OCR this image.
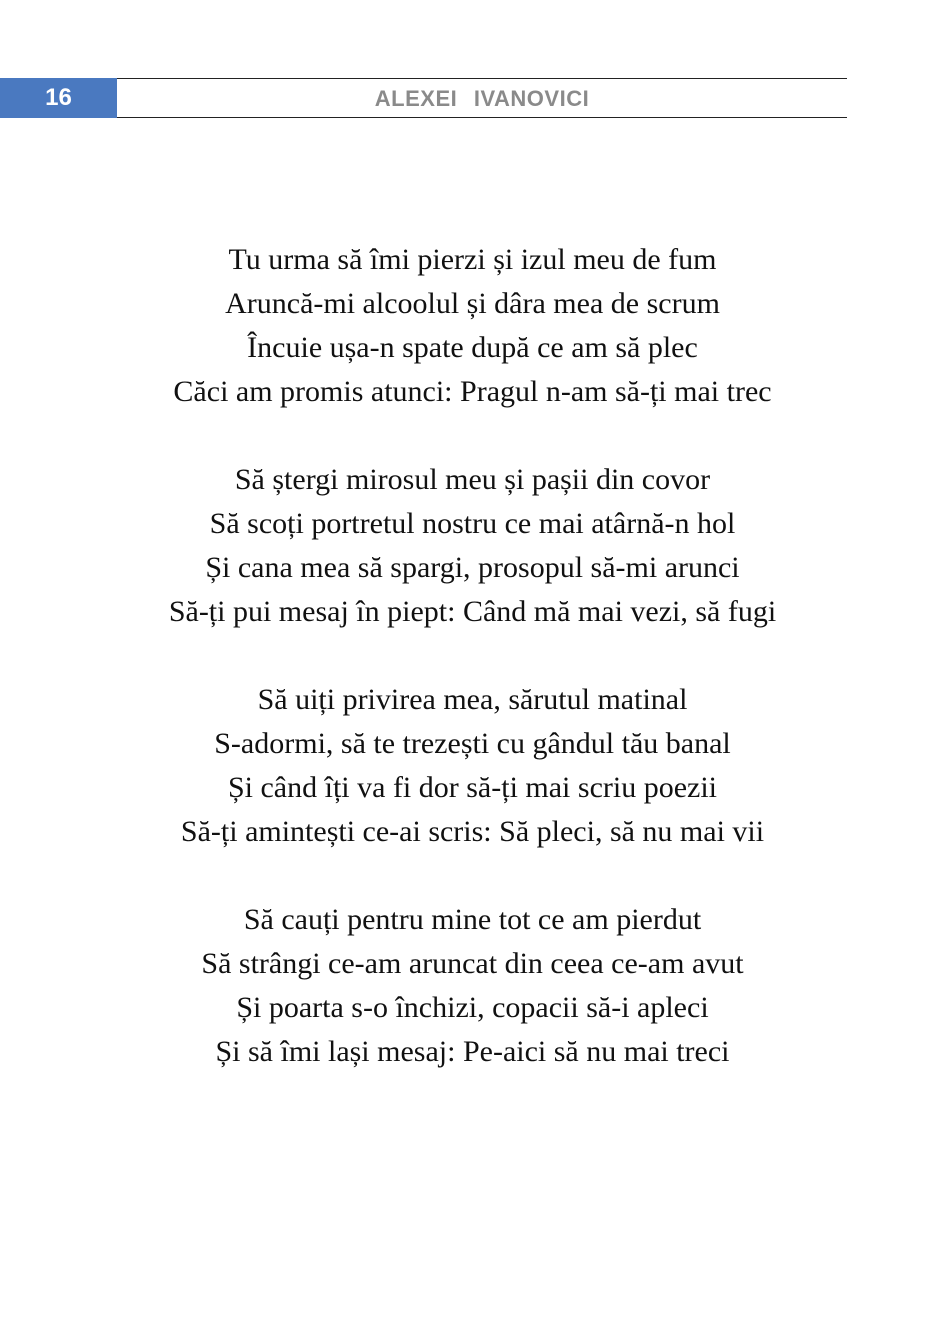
16	ALEXEI IVANOVICI
Tu urma să îmi pierzi și izul meu de fum
Aruncă-mi alcoolul și dâra mea de scrum
Încuie ușa-n spate după ce am să plec
Căci am promis atunci: Pragul n-am să-ți mai trec
Să ștergi mirosul meu și pașii din covor
Să scoți portretul nostru ce mai atârnă-n hol
Și cana mea să spargi, prosopul să-mi arunci
Să-ți pui mesaj în piept: Când mă mai vezi, să fugi
Să uiți privirea mea, sărutul matinal
S-adormi, să te trezești cu gândul tău banal
Și când îți va fi dor să-ți mai scriu poezii
Să-ți amintești ce-ai scris: Să pleci, să nu mai vii
Să cauți pentru mine tot ce am pierdut
Să strângi ce-am aruncat din ceea ce-am avut
Și poarta s-o închizi, copacii să-i apleci
Și să îmi lași mesaj: Pe-aici să nu mai treci
